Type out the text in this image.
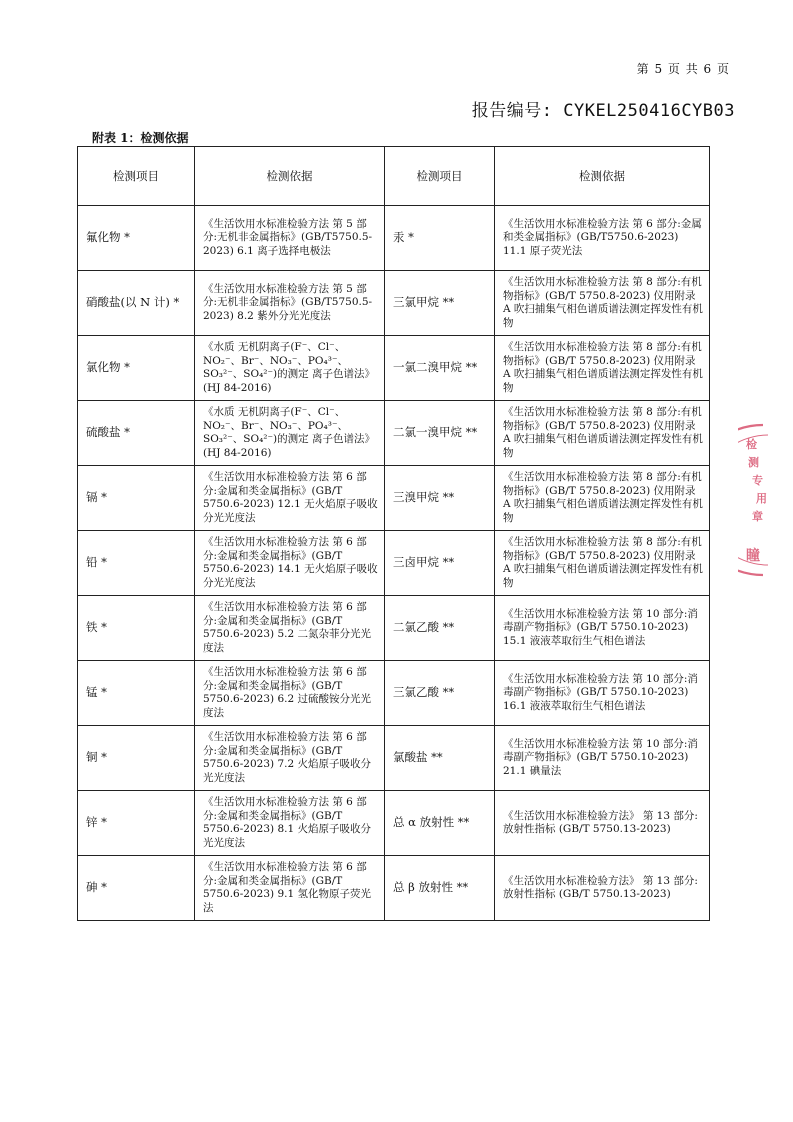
第 5 页 共 6 页
报告编号: CYKEL250416CYB03
附表 1：检测依据
检测项目	检测依据	检测项目	检测依据
氟化物 *	《生活饮用水标准检验方法 第 5 部分:无机非金属指标》(GB/T5750.5-2023) 6.1 离子选择电极法	汞 *	《生活饮用水标准检验方法 第 6 部分:金属和类金属指标》(GB/T5750.6-2023) 11.1 原子荧光法
硝酸盐(以 N 计) *	《生活饮用水标准检验方法 第 5 部分:无机非金属指标》(GB/T5750.5-2023) 8.2 紫外分光光度法	三氯甲烷 **	《生活饮用水标准检验方法 第 8 部分:有机物指标》(GB/T 5750.8-2023) 仪用附录 A 吹扫捕集气相色谱质谱法测定挥发性有机物
氯化物 *	《水质 无机阴离子(F⁻、Cl⁻、NO₂⁻、Br⁻、NO₃⁻、PO₄³⁻、SO₃²⁻、SO₄²⁻)的测定 离子色谱法》(HJ 84-2016)	一氯二溴甲烷 **	《生活饮用水标准检验方法 第 8 部分:有机物指标》(GB/T 5750.8-2023) 仪用附录 A 吹扫捕集气相色谱质谱法测定挥发性有机物
硫酸盐 *	《水质 无机阴离子(F⁻、Cl⁻、NO₂⁻、Br⁻、NO₃⁻、PO₄³⁻、SO₃²⁻、SO₄²⁻)的测定 离子色谱法》(HJ 84-2016)	二氯一溴甲烷 **	《生活饮用水标准检验方法 第 8 部分:有机物指标》(GB/T 5750.8-2023) 仪用附录 A 吹扫捕集气相色谱质谱法测定挥发性有机物
镉 *	《生活饮用水标准检验方法 第 6 部分:金属和类金属指标》(GB/T 5750.6-2023) 12.1 无火焰原子吸收分光光度法	三溴甲烷 **	《生活饮用水标准检验方法 第 8 部分:有机物指标》(GB/T 5750.8-2023) 仪用附录 A 吹扫捕集气相色谱质谱法测定挥发性有机物
铅 *	《生活饮用水标准检验方法 第 6 部分:金属和类金属指标》(GB/T 5750.6-2023) 14.1 无火焰原子吸收分光光度法	三卤甲烷 **	《生活饮用水标准检验方法 第 8 部分:有机物指标》(GB/T 5750.8-2023) 仪用附录 A 吹扫捕集气相色谱质谱法测定挥发性有机物
铁 *	《生活饮用水标准检验方法 第 6 部分:金属和类金属指标》(GB/T 5750.6-2023) 5.2 二氮杂菲分光光度法	二氯乙酸 **	《生活饮用水标准检验方法 第 10 部分:消毒副产物指标》(GB/T 5750.10-2023) 15.1 液液萃取衍生气相色谱法
锰 *	《生活饮用水标准检验方法 第 6 部分:金属和类金属指标》(GB/T 5750.6-2023) 6.2 过硫酸铵分光光度法	三氯乙酸 **	《生活饮用水标准检验方法 第 10 部分:消毒副产物指标》(GB/T 5750.10-2023) 16.1 液液萃取衍生气相色谱法
铜 *	《生活饮用水标准检验方法 第 6 部分:金属和类金属指标》(GB/T 5750.6-2023) 7.2 火焰原子吸收分光光度法	氯酸盐 **	《生活饮用水标准检验方法 第 10 部分:消毒副产物指标》(GB/T 5750.10-2023) 21.1 碘量法
锌 *	《生活饮用水标准检验方法 第 6 部分:金属和类金属指标》(GB/T 5750.6-2023) 8.1 火焰原子吸收分光光度法	总 α 放射性 **	《生活饮用水标准检验方法》 第 13 部分:放射性指标 (GB/T 5750.13-2023)
砷 *	《生活饮用水标准检验方法 第 6 部分:金属和类金属指标》(GB/T 5750.6-2023) 9.1 氢化物原子荧光法	总 β 放射性 **	《生活饮用水标准检验方法》 第 13 部分:放射性指标 (GB/T 5750.13-2023)
检
测
专
用
章
瞳
